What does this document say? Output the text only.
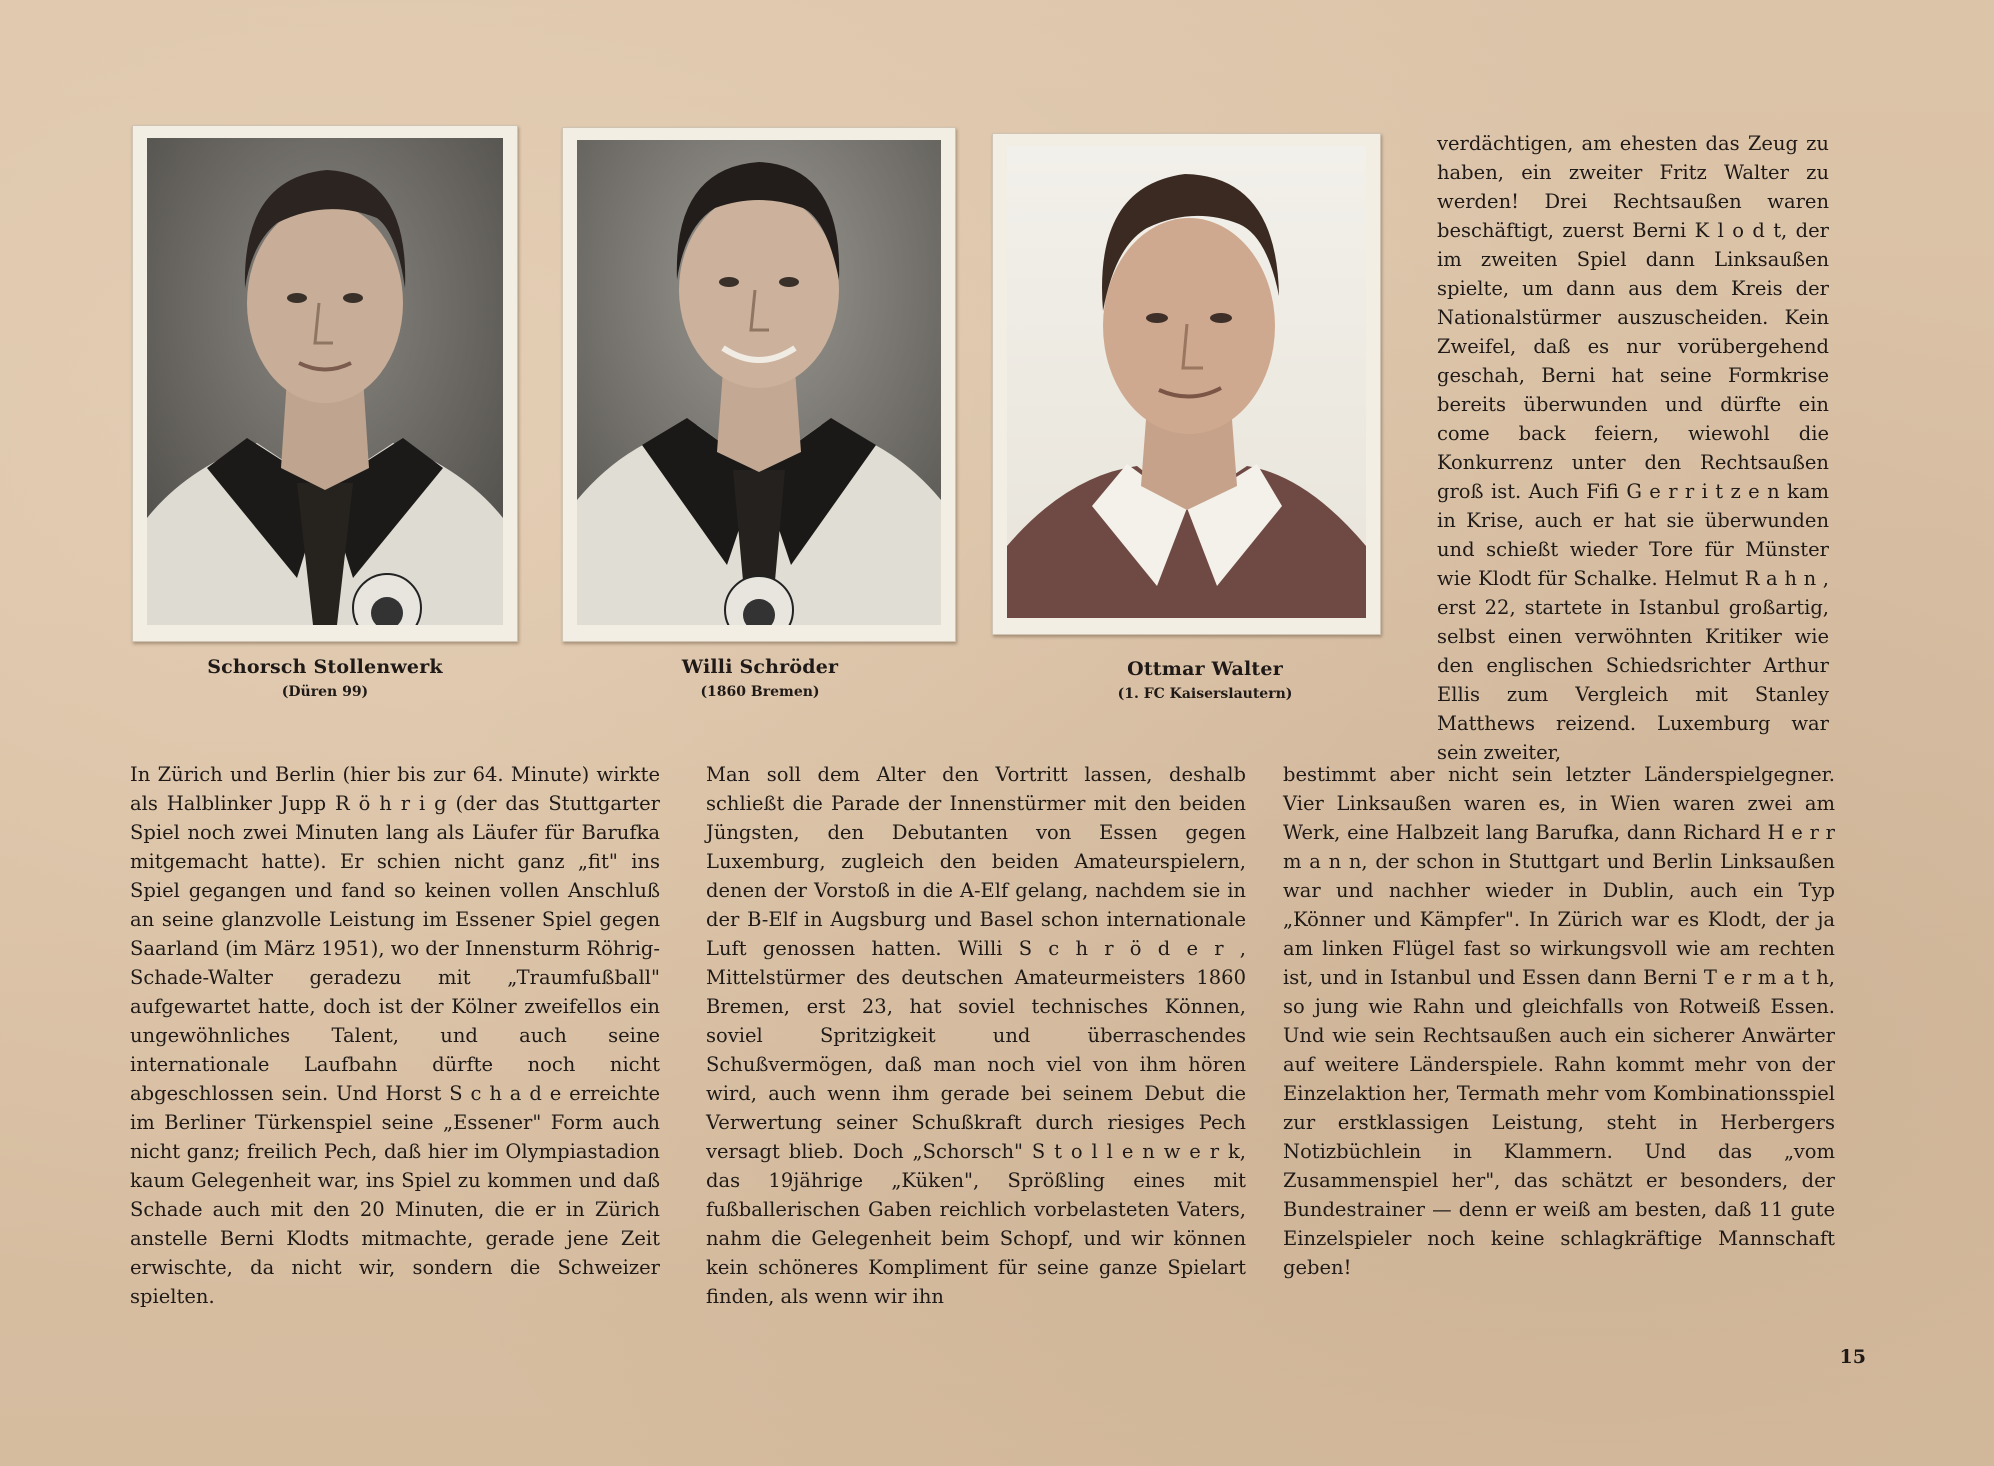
Schorsch Stollenwerk
(Düren 99)
Willi Schröder
(1860 Bremen)
Ottmar Walter
(1. FC Kaiserslautern)

verdächtigen, am ehesten das Zeug zu haben, ein zweiter Fritz Walter zu werden! Drei Rechtsaußen waren beschäftigt, zuerst Berni K l o d t, der im zweiten Spiel dann Linksaußen spielte, um dann aus dem Kreis der Nationalstürmer auszuscheiden. Kein Zweifel, daß es nur vorübergehend geschah, Berni hat seine Formkrise bereits überwunden und dürfte ein come back feiern, wiewohl die Konkurrenz unter den Rechtsaußen groß ist. Auch Fifi G e r r i t z e n kam in Krise, auch er hat sie überwunden und schießt wieder Tore für Münster wie Klodt für Schalke. Helmut R a h n , erst 22, startete in Istanbul großartig, selbst einen verwöhnten Kritiker wie den englischen Schiedsrichter Arthur Ellis zum Vergleich mit Stanley Matthews reizend. Luxemburg war sein zweiter,

In Zürich und Berlin (hier bis zur 64. Minute) wirkte als Halblinker Jupp R ö h r i g (der das Stuttgarter Spiel noch zwei Minuten lang als Läufer für Barufka mitgemacht hatte). Er schien nicht ganz „fit" ins Spiel gegangen und fand so keinen vollen Anschluß an seine glanzvolle Leistung im Essener Spiel gegen Saarland (im März 1951), wo der Innensturm Röhrig-Schade-Walter geradezu mit „Traumfußball" aufgewartet hatte, doch ist der Kölner zweifellos ein ungewöhnliches Talent, und auch seine internationale Laufbahn dürfte noch nicht abgeschlossen sein. Und Horst S c h a d e erreichte im Berliner Türkenspiel seine „Essener" Form auch nicht ganz; freilich Pech, daß hier im Olympiastadion kaum Gelegenheit war, ins Spiel zu kommen und daß Schade auch mit den 20 Minuten, die er in Zürich anstelle Berni Klodts mitmachte, gerade jene Zeit erwischte, da nicht wir, sondern die Schweizer spielten.

Man soll dem Alter den Vortritt lassen, deshalb schließt die Parade der Innenstürmer mit den beiden Jüngsten, den Debutanten von Essen gegen Luxemburg, zugleich den beiden Amateurspielern, denen der Vorstoß in die A-Elf gelang, nachdem sie in der B-Elf in Augsburg und Basel schon internationale Luft genossen hatten. Willi S c h r ö d e r , Mittelstürmer des deutschen Amateurmeisters 1860 Bremen, erst 23, hat soviel technisches Können, soviel Spritzigkeit und überraschendes Schußvermögen, daß man noch viel von ihm hören wird, auch wenn ihm gerade bei seinem Debut die Verwertung seiner Schußkraft durch riesiges Pech versagt blieb. Doch „Schorsch" S t o l l e n w e r k, das 19jährige „Küken", Sprößling eines mit fußballerischen Gaben reichlich vorbelasteten Vaters, nahm die Gelegenheit beim Schopf, und wir können kein schöneres Kompliment für seine ganze Spielart finden, als wenn wir ihn

bestimmt aber nicht sein letzter Länderspielgegner. Vier Linksaußen waren es, in Wien waren zwei am Werk, eine Halbzeit lang Barufka, dann Richard H e r r m a n n, der schon in Stuttgart und Berlin Linksaußen war und nachher wieder in Dublin, auch ein Typ „Könner und Kämpfer". In Zürich war es Klodt, der ja am linken Flügel fast so wirkungsvoll wie am rechten ist, und in Istanbul und Essen dann Berni T e r m a t h, so jung wie Rahn und gleichfalls von Rotweiß Essen. Und wie sein Rechtsaußen auch ein sicherer Anwärter auf weitere Länderspiele. Rahn kommt mehr von der Einzelaktion her, Termath mehr vom Kombinationsspiel zur erstklassigen Leistung, steht in Herbergers Notizbüchlein in Klammern. Und das „vom Zusammenspiel her", das schätzt er besonders, der Bundestrainer — denn er weiß am besten, daß 11 gute Einzelspieler noch keine schlagkräftige Mannschaft geben!

15
